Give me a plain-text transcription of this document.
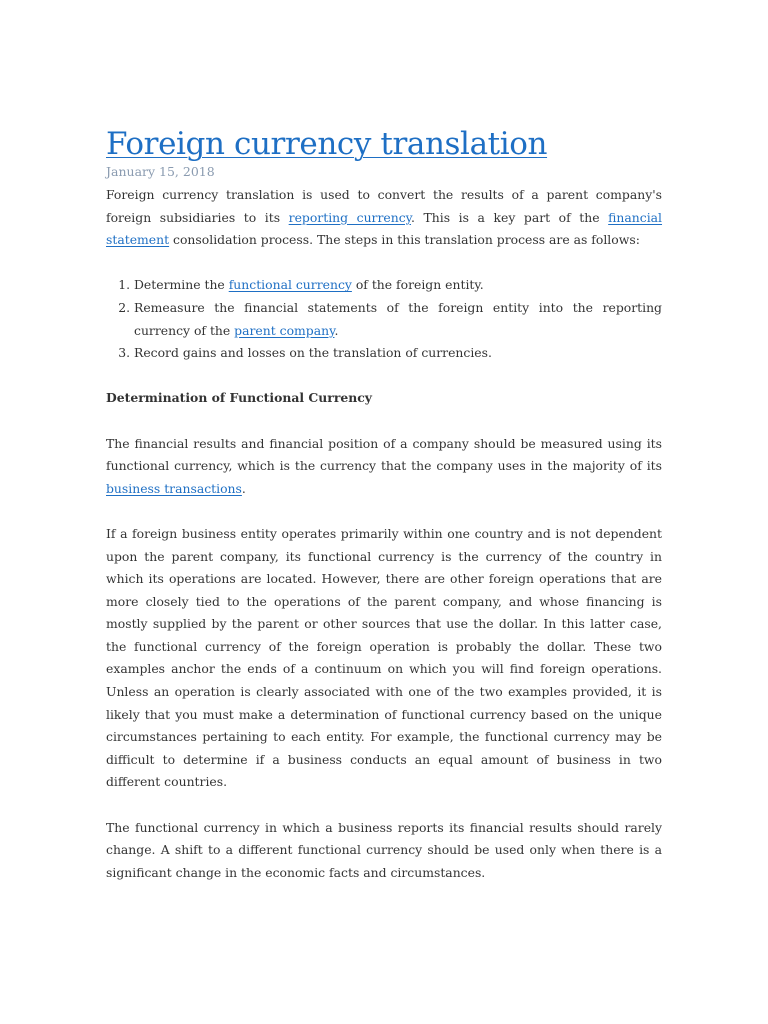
Foreign currency translation
January 15, 2018

Foreign currency translation is used to convert the results of a parent company's foreign subsidiaries to its reporting currency. This is a key part of the financial statement consolidation process. The steps in this translation process are as follows:

1. Determine the functional currency of the foreign entity.
2. Remeasure the financial statements of the foreign entity into the reporting currency of the parent company.
3. Record gains and losses on the translation of currencies.
Determination of Functional Currency

The financial results and financial position of a company should be measured using its functional currency, which is the currency that the company uses in the majority of its business transactions.

If a foreign business entity operates primarily within one country and is not dependent upon the parent company, its functional currency is the currency of the country in which its operations are located. However, there are other foreign operations that are more closely tied to the operations of the parent company, and whose financing is mostly supplied by the parent or other sources that use the dollar. In this latter case, the functional currency of the foreign operation is probably the dollar. These two examples anchor the ends of a continuum on which you will find foreign operations. Unless an operation is clearly associated with one of the two examples provided, it is likely that you must make a determination of functional currency based on the unique circumstances pertaining to each entity. For example, the functional currency may be difficult to determine if a business conducts an equal amount of business in two different countries.

The functional currency in which a business reports its financial results should rarely change. A shift to a different functional currency should be used only when there is a significant change in the economic facts and circumstances.
